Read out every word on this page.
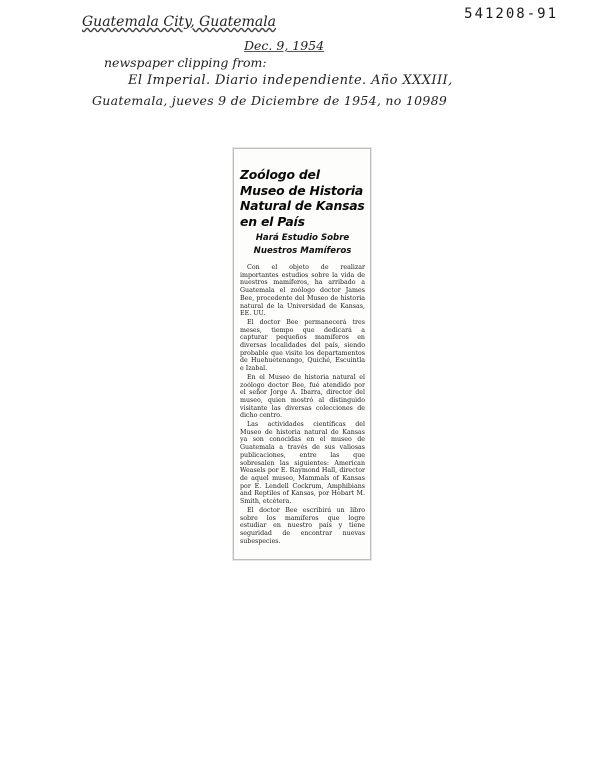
541208-91
Guatemala City, Guatemala
Dec. 9, 1954
newspaper clipping from:
El Imperial. Diario independiente. Año XXXIII,
Guatemala, jueves 9 de Diciembre de 1954, no 10989
Zoólogo del Museo de Historia Natural de Kansas en el País
Hará Estudio Sobre Nuestros Mamíferos

Con el objeto de realizar importantes estudios sobre la vida de nuestros mamíferos, ha arribado a Guatemala el zoólogo doctor James Bee, procedente del Museo de historia natural de la Universidad de Kansas, EE. UU.

El doctor Bee permanecerá tres meses, tiempo que dedicará a capturar pequeños mamíferos en diversas localidades del país, siendo probable que visite los departamentos de Huehuetenango, Quiché, Escuintla e Izabal.

En el Museo de historia natural el zoólogo doctor Bee, fué atendido por el señor Jorge A. Ibarra, director del museo, quien mostró al distinguido visitante las diversas colecciones de dicho centro.

Las actividades científicas del Museo de historia natural de Kansas ya son conocidas en el museo de Guatemala a través de sus valiosas publicaciones, entre las que sobresalen las siguientes: American Weasels por E. Raymond Hall, director de aquel museo, Mammals of Kansas por E. Lendell Cockrum, Amphibians and Reptiles of Kansas, por Hobart M. Smith, etcétera.

El doctor Bee escribirá un libro sobre los mamíferos que logre estudiar en nuestro país y tiene seguridad de encontrar nuevas subespecies.
